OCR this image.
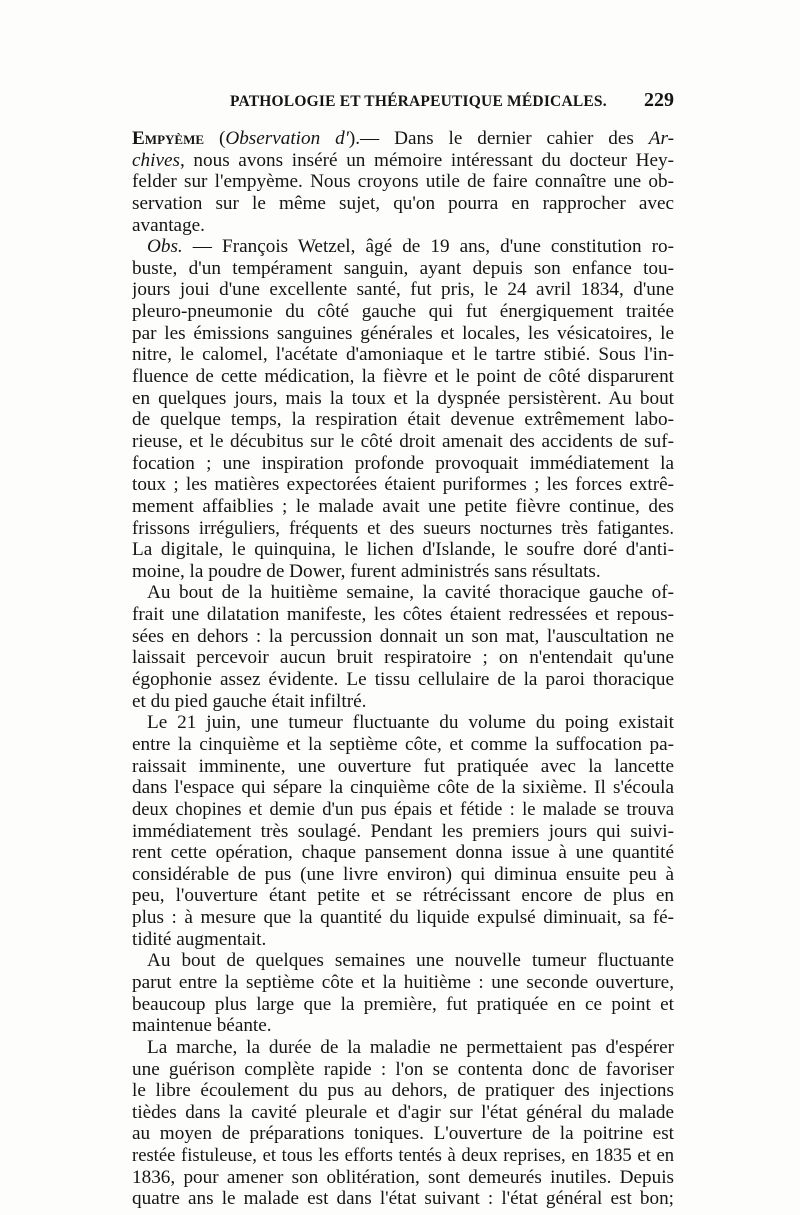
PATHOLOGIE ET THÉRAPEUTIQUE MÉDICALES. 229
Empyème (Observation d').— Dans le dernier cahier des Ar-
chives, nous avons inséré un mémoire intéressant du docteur Hey-
felder sur l'empyème. Nous croyons utile de faire connaître une ob-
servation sur le même sujet, qu'on pourra en rapprocher avec
avantage.
Obs. — François Wetzel, âgé de 19 ans, d'une constitution ro-
buste, d'un tempérament sanguin, ayant depuis son enfance tou-
jours joui d'une excellente santé, fut pris, le 24 avril 1834, d'une
pleuro-pneumonie du côté gauche qui fut énergiquement traitée
par les émissions sanguines générales et locales, les vésicatoires, le
nitre, le calomel, l'acétate d'amoniaque et le tartre stibié. Sous l'in-
fluence de cette médication, la fièvre et le point de côté disparurent
en quelques jours, mais la toux et la dyspnée persistèrent. Au bout
de quelque temps, la respiration était devenue extrêmement labo-
rieuse, et le décubitus sur le côté droit amenait des accidents de suf-
focation ; une inspiration profonde provoquait immédiatement la
toux ; les matières expectorées étaient puriformes ; les forces extrê-
mement affaiblies ; le malade avait une petite fièvre continue, des
frissons irréguliers, fréquents et des sueurs nocturnes très fatigantes.
La digitale, le quinquina, le lichen d'Islande, le soufre doré d'anti-
moine, la poudre de Dower, furent administrés sans résultats.
Au bout de la huitième semaine, la cavité thoracique gauche of-
frait une dilatation manifeste, les côtes étaient redressées et repous-
sées en dehors : la percussion donnait un son mat, l'auscultation ne
laissait percevoir aucun bruit respiratoire ; on n'entendait qu'une
égophonie assez évidente. Le tissu cellulaire de la paroi thoracique
et du pied gauche était infiltré.
Le 21 juin, une tumeur fluctuante du volume du poing existait
entre la cinquième et la septième côte, et comme la suffocation pa-
raissait imminente, une ouverture fut pratiquée avec la lancette
dans l'espace qui sépare la cinquième côte de la sixième. Il s'écoula
deux chopines et demie d'un pus épais et fétide : le malade se trouva
immédiatement très soulagé. Pendant les premiers jours qui suivi-
rent cette opération, chaque pansement donna issue à une quantité
considérable de pus (une livre environ) qui diminua ensuite peu à
peu, l'ouverture étant petite et se rétrécissant encore de plus en
plus : à mesure que la quantité du liquide expulsé diminuait, sa fé-
tidité augmentait.
Au bout de quelques semaines une nouvelle tumeur fluctuante
parut entre la septième côte et la huitième : une seconde ouverture,
beaucoup plus large que la première, fut pratiquée en ce point et
maintenue béante.
La marche, la durée de la maladie ne permettaient pas d'espérer
une guérison complète rapide : l'on se contenta donc de favoriser
le libre écoulement du pus au dehors, de pratiquer des injections
tièdes dans la cavité pleurale et d'agir sur l'état général du malade
au moyen de préparations toniques. L'ouverture de la poitrine est
restée fistuleuse, et tous les efforts tentés à deux reprises, en 1835 et en
1836, pour amener son oblitération, sont demeurés inutiles. Depuis
quatre ans le malade est dans l'état suivant : l'état général est bon;
